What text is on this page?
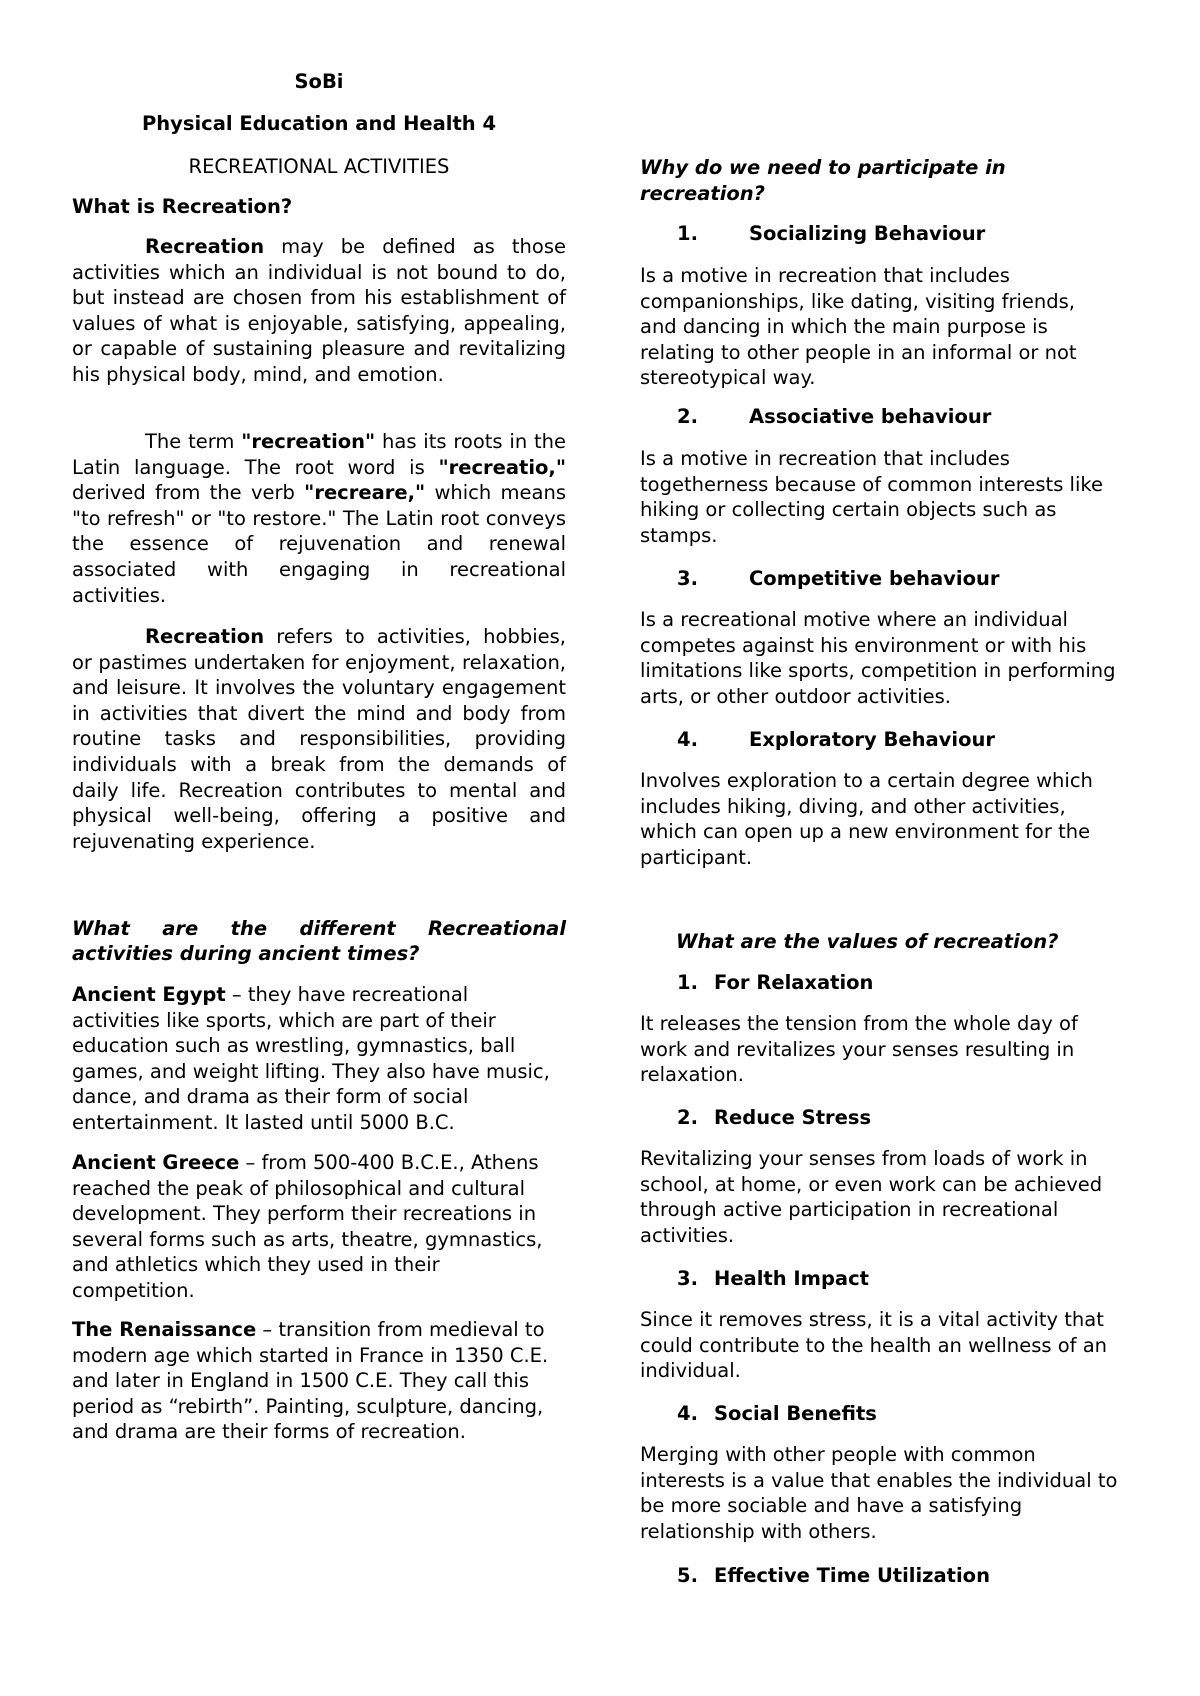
SoBi

Physical Education and Health 4

RECREATIONAL ACTIVITIES

What is Recreation?

Recreation may be defined as those activities which an individual is not bound to do, but instead are chosen from his establishment of values of what is enjoyable, satisfying, appealing, or capable of sustaining pleasure and revitalizing his physical body, mind, and emotion.

The term "recreation" has its roots in the Latin language. The root word is "recreatio," derived from the verb "recreare," which means "to refresh" or "to restore." The Latin root conveys the essence of rejuvenation and renewal associated with engaging in recreational activities.

Recreation refers to activities, hobbies, or pastimes undertaken for enjoyment, relaxation, and leisure. It involves the voluntary engagement in activities that divert the mind and body from routine tasks and responsibilities, providing individuals with a break from the demands of daily life. Recreation contributes to mental and physical well-being, offering a positive and rejuvenating experience.

What are the different Recreational

activities during ancient times?

Ancient Egypt – they have recreational activities like sports, which are part of their education such as wrestling, gymnastics, ball games, and weight lifting. They also have music, dance, and drama as their form of social entertainment. It lasted until 5000 B.C.

Ancient Greece – from 500-400 B.C.E., Athens reached the peak of philosophical and cultural development. They perform their recreations in several forms such as arts, theatre, gymnastics, and athletics which they used in their competition.

The Renaissance – transition from medieval to modern age which started in France in 1350 C.E. and later in England in 1500 C.E. They call this period as “rebirth”. Painting, sculpture, dancing, and drama are their forms of recreation.

Why do we need to participate in recreation?

1.	Socializing Behaviour

Is a motive in recreation that includes companionships, like dating, visiting friends, and dancing in which the main purpose is relating to other people in an informal or not stereotypical way.

2.	Associative behaviour

Is a motive in recreation that includes togetherness because of common interests like hiking or collecting certain objects such as stamps.

3.	Competitive behaviour

Is a recreational motive where an individual competes against his environment or with his limitations like sports, competition in performing arts, or other outdoor activities.

4.	Exploratory Behaviour

Involves exploration to a certain degree which includes hiking, diving, and other activities, which can open up a new environment for the participant.

What are the values of recreation?

1. For Relaxation

It releases the tension from the whole day of work and revitalizes your senses resulting in relaxation.

2. Reduce Stress

Revitalizing your senses from loads of work in school, at home, or even work can be achieved through active participation in recreational activities.

3. Health Impact

Since it removes stress, it is a vital activity that could contribute to the health an wellness of an individual.

4. Social Benefits

Merging with other people with common interests is a value that enables the individual to be more sociable and have a satisfying relationship with others.

5. Effective Time Utilization
